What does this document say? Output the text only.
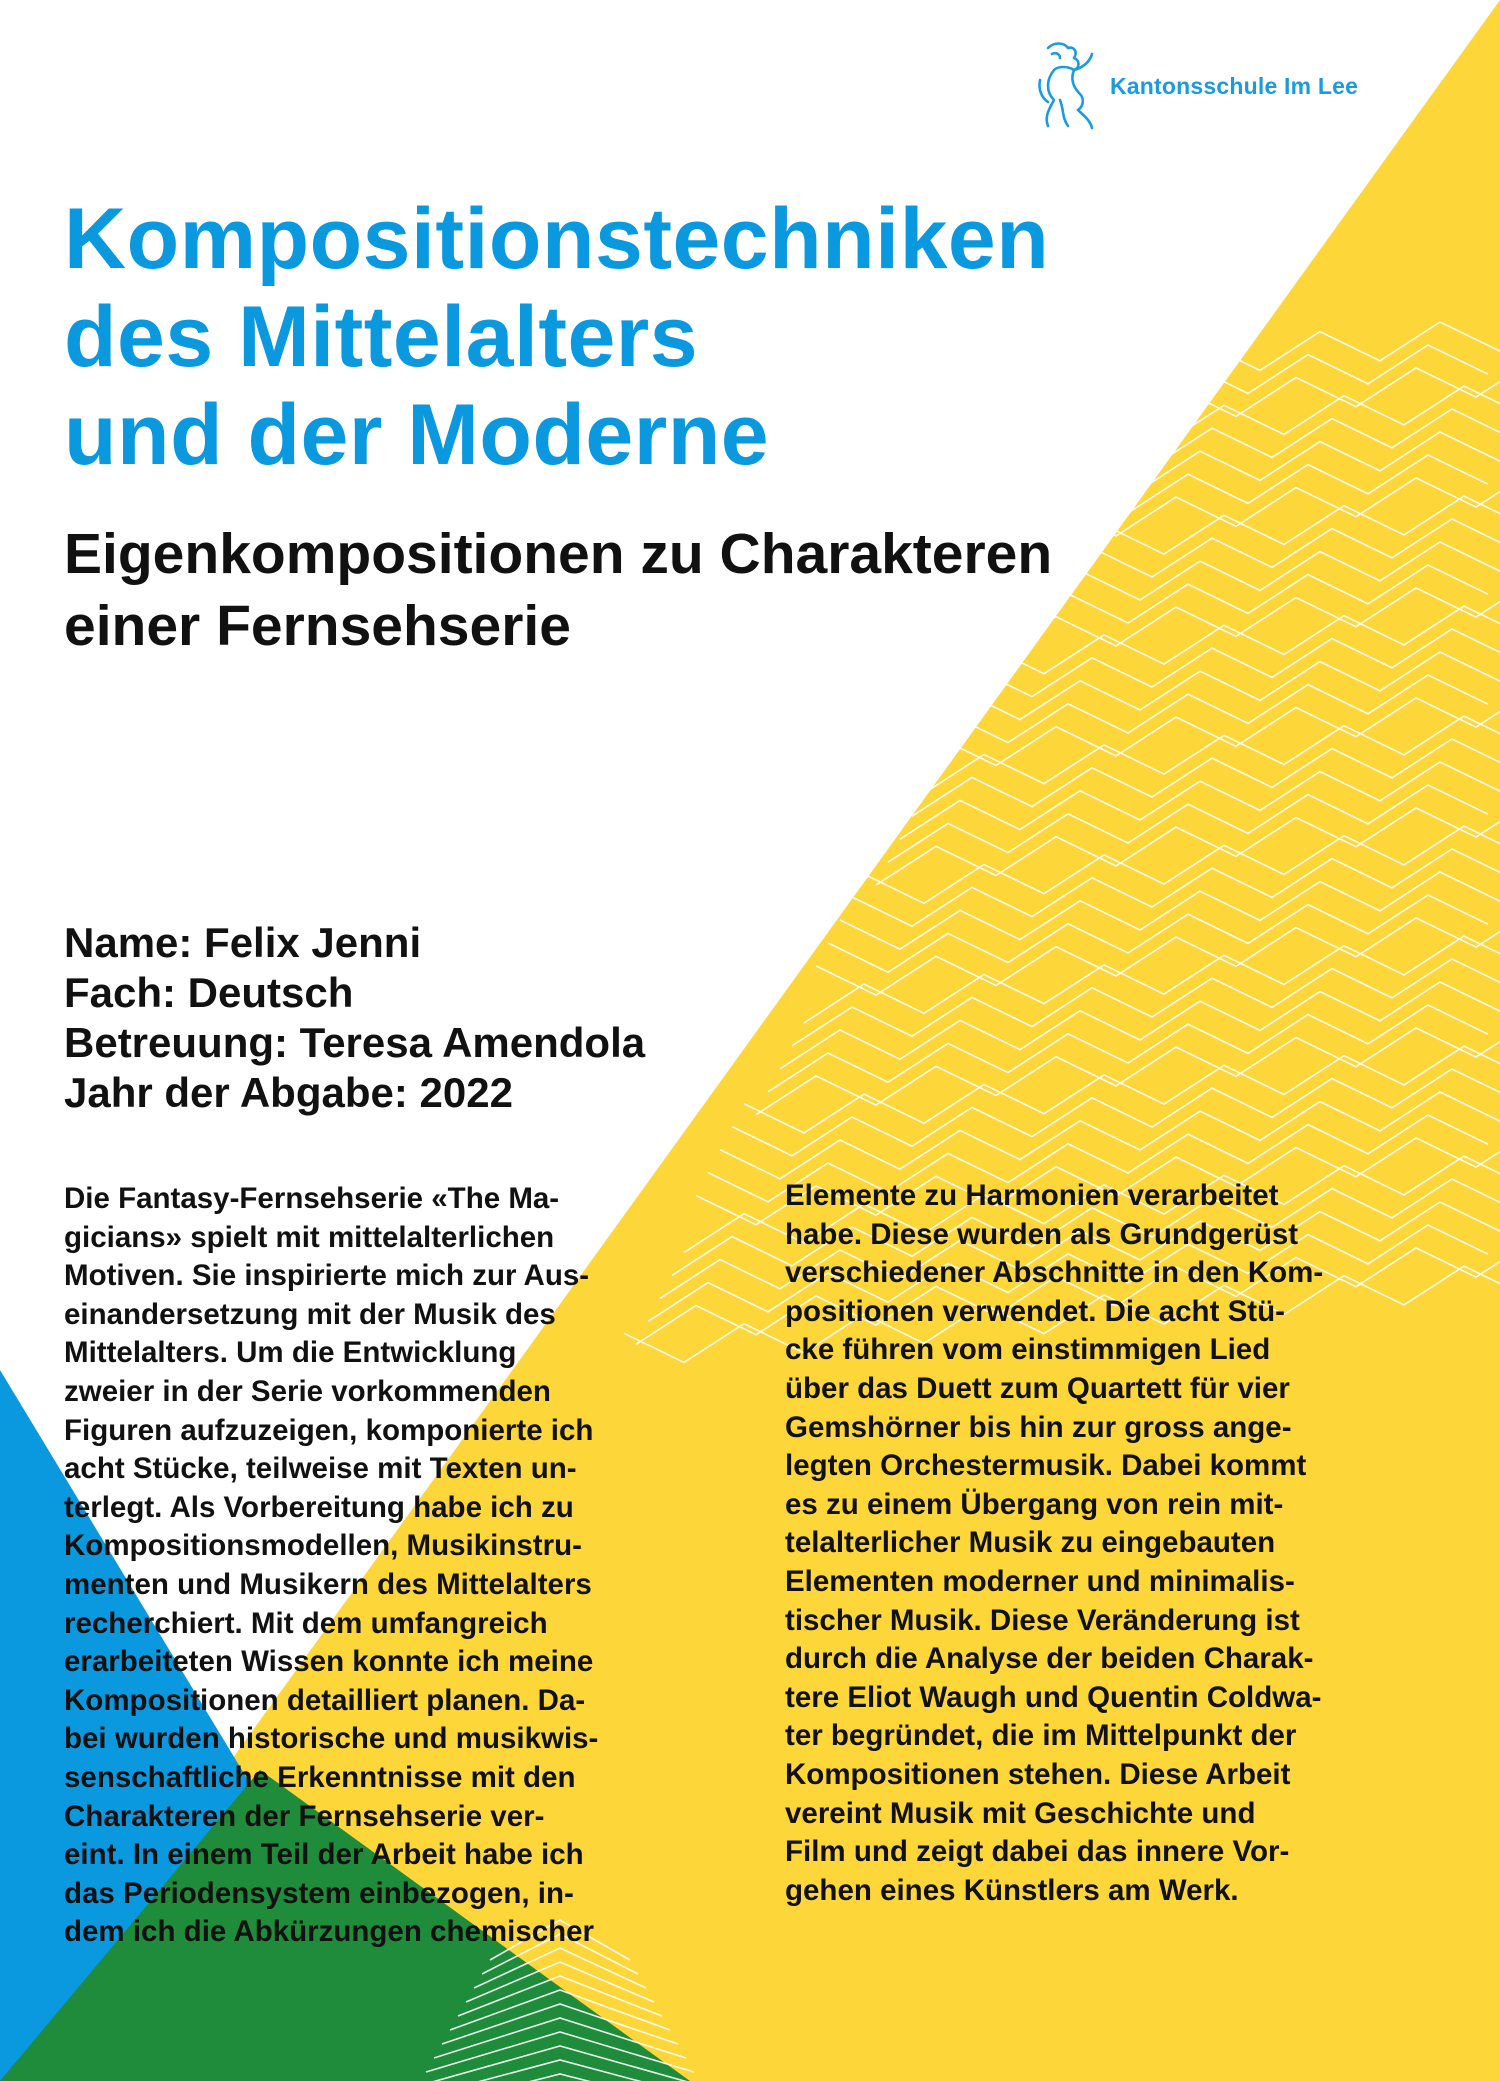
Kantonsschule Im Lee
Kompositionstechniken
des Mittelalters
und der Moderne
Eigenkompositionen zu Charakteren
einer Fernsehserie
Name: Felix Jenni
Fach: Deutsch
Betreuung: Teresa Amendola
Jahr der Abgabe: 2022
Die Fantasy-Fernsehserie «The Ma-
gicians» spielt mit mittelalterlichen
Motiven. Sie inspirierte mich zur Aus-
einandersetzung mit der Musik des
Mittelalters. Um die Entwicklung
zweier in der Serie vorkommenden
Figuren aufzuzeigen, komponierte ich
acht Stücke, teilweise mit Texten un-
terlegt. Als Vorbereitung habe ich zu
Kompositionsmodellen, Musikinstru-
menten und Musikern des Mittelalters
recherchiert. Mit dem umfangreich
erarbeiteten Wissen konnte ich meine
Kompositionen detailliert planen. Da-
bei wurden historische und musikwis-
senschaftliche Erkenntnisse mit den
Charakteren der Fernsehserie ver-
eint. In einem Teil der Arbeit habe ich
das Periodensystem einbezogen, in-
dem ich die Abkürzungen chemischer
Elemente zu Harmonien verarbeitet
habe. Diese wurden als Grundgerüst
verschiedener Abschnitte in den Kom-
positionen verwendet. Die acht Stü-
cke führen vom einstimmigen Lied
über das Duett zum Quartett für vier
Gemshörner bis hin zur gross ange-
legten Orchestermusik. Dabei kommt
es zu einem Übergang von rein mit-
telalterlicher Musik zu eingebauten
Elementen moderner und minimalis-
tischer Musik. Diese Veränderung ist
durch die Analyse der beiden Charak-
tere Eliot Waugh und Quentin Coldwa-
ter begründet, die im Mittelpunkt der
Kompositionen stehen. Diese Arbeit
vereint Musik mit Geschichte und
Film und zeigt dabei das innere Vor-
gehen eines Künstlers am Werk.
